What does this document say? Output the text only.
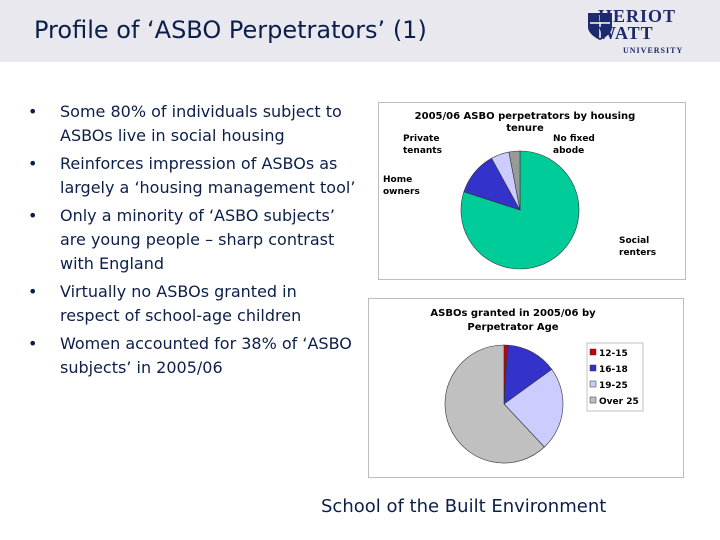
Profile of ‘ASBO Perpetrators’ (1)	HERIOT
WATT
UNIVERSITY
• Some 80% of individuals subject to ASBOs live in social housing
• Reinforces impression of ASBOs as largely a ‘housing management tool’
• Only a minority of ‘ASBO subjects’ are young people – sharp contrast with England
• Virtually no ASBOs granted in respect of school-age children
• Women accounted for 38% of ‘ASBO subjects’ in 2005/06
2005/06 ASBO perpetrators by housing
tenure
Social renters
Home owners
Private tenants
No fixed abode
ASBOs granted in 2005/06 by
Perpetrator Age
12-15
16-18
19-25
Over 25
School of the Built Environment
